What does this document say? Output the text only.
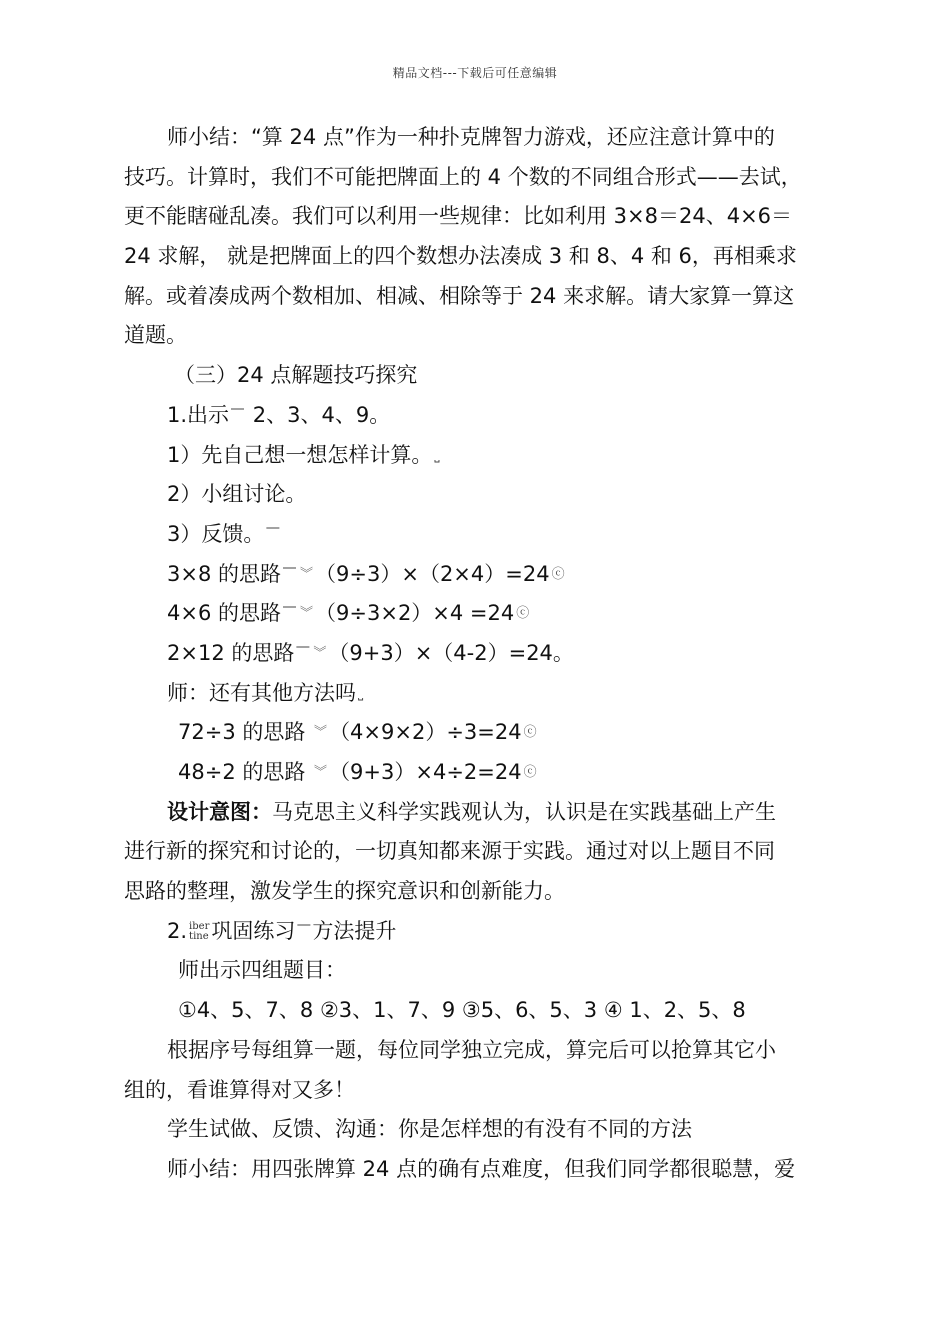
精品文档---下载后可任意编辑
师小结：“算 24 点”作为一种扑克牌智力游戏，还应注意计算中的
技巧。计算时，我们不可能把牌面上的 4 个数的不同组合形式——去试，
更不能瞎碰乱凑。我们可以利用一些规律：比如利用 3×8＝24、4×6＝
24 求解， 就是把牌面上的四个数想办法凑成 3 和 8、4 和 6，再相乘求
解。或着凑成两个数相加、相减、相除等于 24 来求解。请大家算一算这
道题。
（三）24 点解题技巧探究
1.出示 ⎺ 2、3、4、9。
1）先自己想一想怎样计算。 ⎵
2）小组讨论。
3）反馈。 ⎺
3×8 的思路 ⎺ ︾（9÷3）×（2×4）=24 ⓒ
4×6 的思路 ⎺ ︾（9÷3×2）×4 =24 ⓒ
2×12 的思路 ⎺ ︾（9+3）×（4-2）=24。
师：还有其他方法吗 ⎵
72÷3 的思路 ︾（4×9×2）÷3=24 ⓒ
48÷2 的思路 ︾（9+3）×4÷2=24 ⓒ
设计意图：马克思主义科学实践观认为，认识是在实践基础上产生
进行新的探究和讨论的，一切真知都来源于实践。通过对以上题目不同
思路的整理，激发学生的探究意识和创新能力。
2. iber
tine 巩固练习 ⎺方法提升
师出示四组题目：
①4、5、7、8 ②3、1、7、9 ③5、6、5、3 ④ 1、2、5、8
根据序号每组算一题，每位同学独立完成，算完后可以抢算其它小
组的，看谁算得对又多！
学生试做、反馈、沟通：你是怎样想的有没有不同的方法
师小结：用四张牌算 24 点的确有点难度，但我们同学都很聪慧，爱
